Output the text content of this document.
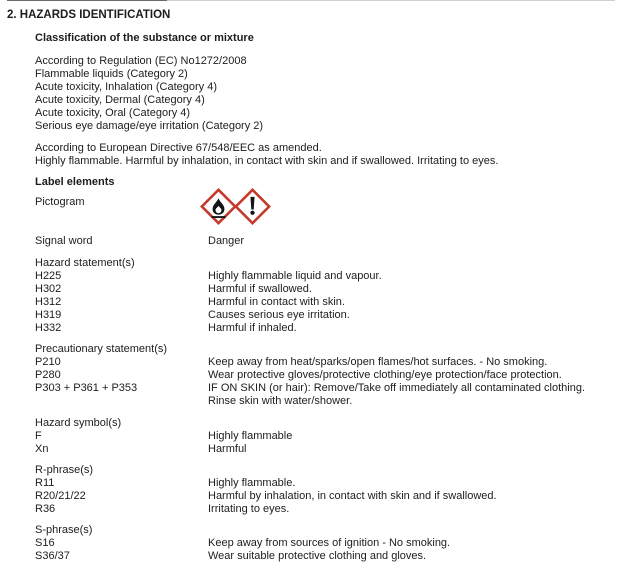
2. HAZARDS IDENTIFICATION
Classification of the substance or mixture
According to Regulation (EC) No1272/2008
Flammable liquids (Category 2)
Acute toxicity, Inhalation (Category 4)
Acute toxicity, Dermal (Category 4)
Acute toxicity, Oral (Category 4)
Serious eye damage/eye irritation (Category 2)
According to European Directive 67/548/EEC as amended.
Highly flammable. Harmful by inhalation, in contact with skin and if swallowed. Irritating to eyes.
Label elements
Pictogram
Signal word	Danger
Hazard statement(s)
H225	Highly flammable liquid and vapour.
H302	Harmful if swallowed.
H312	Harmful in contact with skin.
H319	Causes serious eye irritation.
H332	Harmful if inhaled.
Precautionary statement(s)
P210	Keep away from heat/sparks/open flames/hot surfaces. - No smoking.
P280	Wear protective gloves/protective clothing/eye protection/face protection.
P303 + P361 + P353	IF ON SKIN (or hair): Remove/Take off immediately all contaminated clothing.
Rinse skin with water/shower.
Hazard symbol(s)
F	Highly flammable
Xn	Harmful
R-phrase(s)
R11	Highly flammable.
R20/21/22	Harmful by inhalation, in contact with skin and if swallowed.
R36	Irritating to eyes.
S-phrase(s)
S16	Keep away from sources of ignition - No smoking.
S36/37	Wear suitable protective clothing and gloves.
